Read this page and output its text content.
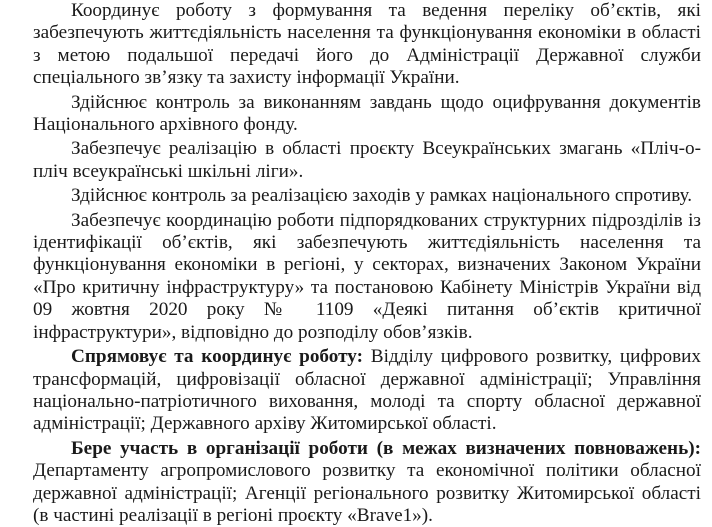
Координує роботу з формування та ведення переліку об’єктів, які забезпечують життєдіяльність населення та функціонування економіки в області з метою подальшої передачі його до Адміністрації Державної служби спеціального зв’язку та захисту інформації України.

Здійснює контроль за виконанням завдань щодо оцифрування документів Національного архівного фонду.

Забезпечує реалізацію в області проєкту Всеукраїнських змагань «Пліч-о-пліч всеукраїнські шкільні ліги».

Здійснює контроль за реалізацією заходів у рамках національного спротиву.

Забезпечує координацію роботи підпорядкованих структурних підрозділів із ідентифікації об’єктів, які забезпечують життєдіяльність населення та функціонування економіки в регіоні, у секторах, визначених Законом України «Про критичну інфраструктуру» та постановою Кабінету Міністрів України від 09 жовтня 2020 року № 1109 «Деякі питання об’єктів критичної інфраструктури», відповідно до розподілу обов’язків.

Спрямовує та координує роботу: Відділу цифрового розвитку, цифрових трансформацій, цифровізації обласної державної адміністрації; Управління національно-патріотичного виховання, молоді та спорту обласної державної адміністрації; Державного архіву Житомирської області.

Бере участь в організації роботи (в межах визначених повноважень): Департаменту агропромислового розвитку та економічної політики обласної державної адміністрації; Агенції регіонального розвитку Житомирської області (в частині реалізації в регіоні проєкту «Brave1»).
